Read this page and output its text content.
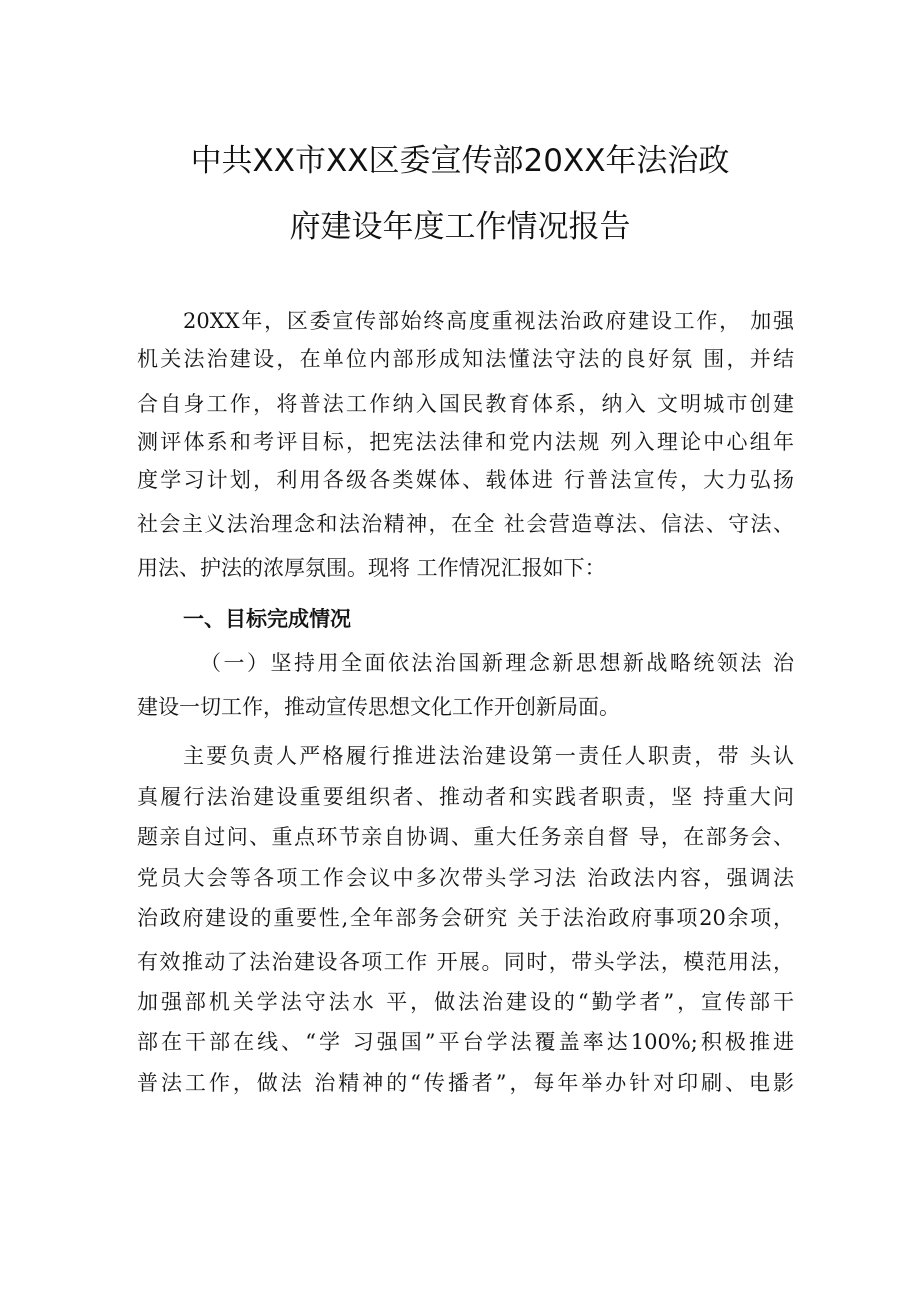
中共XX市XX区委宣传部20XX年法治政
府建设年度工作情况报告
20XX年，区委宣传部始终高度重视法治政府建设工作， 加强
机关法治建设，在单位内部形成知法懂法守法的良好氛 围，并结
合自身工作，将普法工作纳入国民教育体系，纳入 文明城市创建
测评体系和考评目标，把宪法法律和党内法规 列入理论中心组年
度学习计划，利用各级各类媒体、载体进 行普法宣传，大力弘扬
社会主义法治理念和法治精神，在全 社会营造尊法、信法、守法、
用法、护法的浓厚氛围。现将 工作情况汇报如下：
一、目标完成情况
（一）坚持用全面依法治国新理念新思想新战略统领法 治
建设一切工作，推动宣传思想文化工作开创新局面。
主要负责人严格履行推进法治建设第一责任人职责，带 头认
真履行法治建设重要组织者、推动者和实践者职责，坚 持重大问
题亲自过问、重点环节亲自协调、重大任务亲自督 导，在部务会、
党员大会等各项工作会议中多次带头学习法 治政法内容，强调法
治政府建设的重要性,全年部务会研究 关于法治政府事项20余项，
有效推动了法治建设各项工作 开展。同时，带头学法，模范用法，
加强部机关学法守法水 平，做法治建设的“勤学者”，宣传部干
部在干部在线、“学 习强国”平台学法覆盖率达100%;积极推进
普法工作，做法 治精神的“传播者”，每年举办针对印刷、电影
